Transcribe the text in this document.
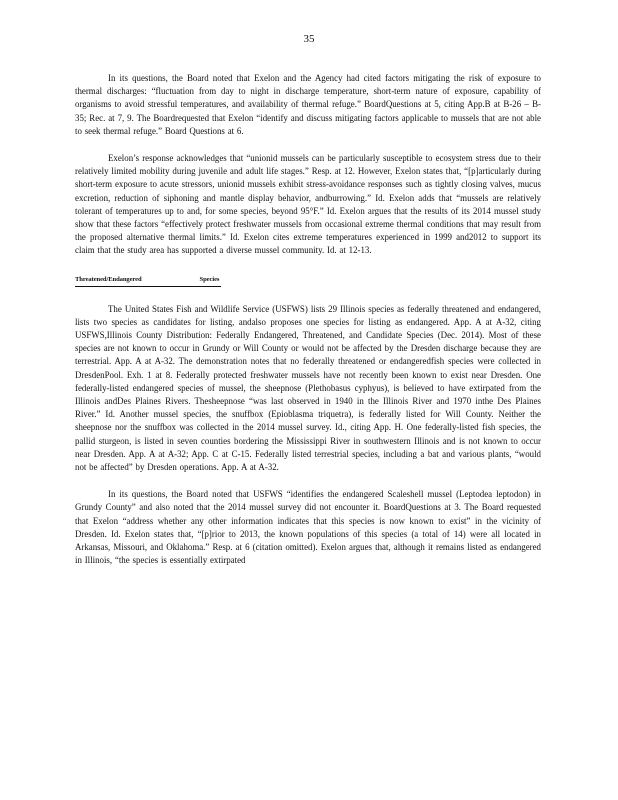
35

In its questions, the Board noted that Exelon and the Agency had cited factors mitigating the risk of exposure to thermal discharges: “fluctuation from day to night in discharge temperature, short-term nature of exposure, capability of organisms to avoid stressful temperatures, and availability of thermal refuge.” BoardQuestions at 5, citing App.B at B-26 – B-35; Rec. at 7, 9. The Boardrequested that Exelon “identify and discuss mitigating factors applicable to mussels that are not able to seek thermal refuge.” Board Questions at 6.

Exelon’s response acknowledges that “unionid mussels can be particularly susceptible to ecosystem stress due to their relatively limited mobility during juvenile and adult life stages.” Resp. at 12. However, Exelon states that, “[p]articularly during short-term exposure to acute stressors, unionid mussels exhibit stress-avoidance responses such as tightly closing valves, mucus excretion, reduction of siphoning and mantle display behavior, andburrowing.” Id. Exelon adds that “mussels are relatively tolerant of temperatures up to and, for some species, beyond 95°F.” Id. Exelon argues that the results of its 2014 mussel study show that these factors “effectively protect freshwater mussels from occasional extreme thermal conditions that may result from the proposed alternative thermal limits.” Id. Exelon cites extreme temperatures experienced in 1999 and2012 to support its claim that the study area has supported a diverse mussel community. Id. at 12-13.

Threatened/Endangered	Species

The United States Fish and Wildlife Service (USFWS) lists 29 Illinois species as federally threatened and endangered, lists two species as candidates for listing, andalso proposes one species for listing as endangered. App. A at A-32, citing USFWS,Illinois County Distribution: Federally Endangered, Threatened, and Candidate Species (Dec. 2014). Most of these species are not known to occur in Grundy or Will County or would not be affected by the Dresden discharge because they are terrestrial. App. A at A-32. The demonstration notes that no federally threatened or endangeredfish species were collected in DresdenPool. Exh. 1 at 8. Federally protected freshwater mussels have not recently been known to exist near Dresden. One federally-listed endangered species of mussel, the sheepnose (Plethobasus cyphyus), is believed to have extirpated from the Illinois andDes Plaines Rivers. Thesheepnose “was last observed in 1940 in the Illinois River and 1970 inthe Des Plaines River.” Id. Another mussel species, the snuffbox (Epioblasma triquetra), is federally listed for Will County. Neither the sheepnose nor the snuffbox was collected in the 2014 mussel survey. Id., citing App. H. One federally-listed fish species, the pallid sturgeon, is listed in seven counties bordering the Mississippi River in southwestern Illinois and is not known to occur near Dresden. App. A at A-32; App. C at C-15. Federally listed terrestrial species, including a bat and various plants, “would not be affected” by Dresden operations. App. A at A-32.

In its questions, the Board noted that USFWS “identifies the endangered Scaleshell mussel (Leptodea leptodon) in Grundy County” and also noted that the 2014 mussel survey did not encounter it. BoardQuestions at 3. The Board requested that Exelon “address whether any other information indicates that this species is now known to exist” in the vicinity of Dresden. Id. Exelon states that, “[p]rior to 2013, the known populations of this species (a total of 14) were all located in Arkansas, Missouri, and Oklahoma.” Resp. at 6 (citation omitted). Exelon argues that, although it remains listed as endangered in Illinois, “the species is essentially extirpated
